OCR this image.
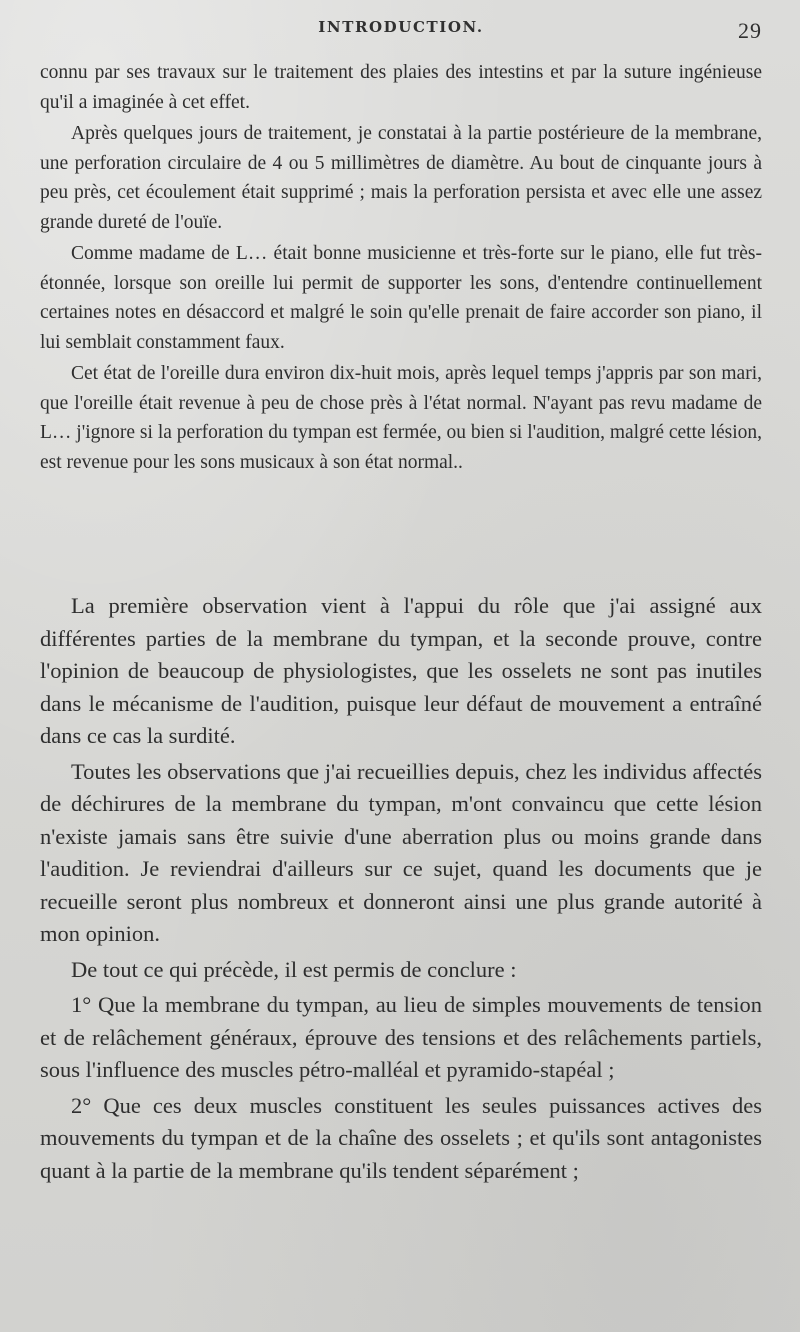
INTRODUCTION.	29

connu par ses travaux sur le traitement des plaies des intestins et par la suture ingénieuse qu'il a imaginée à cet effet.

Après quelques jours de traitement, je constatai à la partie postérieure de la membrane, une perforation circulaire de 4 ou 5 millimètres de diamètre. Au bout de cinquante jours à peu près, cet écoulement était supprimé ; mais la perforation persista et avec elle une assez grande dureté de l'ouïe.

Comme madame de L… était bonne musicienne et très-forte sur le piano, elle fut très-étonnée, lorsque son oreille lui permit de supporter les sons, d'entendre continuellement certaines notes en désaccord et malgré le soin qu'elle prenait de faire accorder son piano, il lui semblait constamment faux.

Cet état de l'oreille dura environ dix-huit mois, après lequel temps j'appris par son mari, que l'oreille était revenue à peu de chose près à l'état normal. N'ayant pas revu madame de L… j'ignore si la perforation du tympan est fermée, ou bien si l'audition, malgré cette lésion, est revenue pour les sons musicaux à son état normal..

La première observation vient à l'appui du rôle que j'ai assigné aux différentes parties de la membrane du tympan, et la seconde prouve, contre l'opinion de beaucoup de physiologistes, que les osselets ne sont pas inutiles dans le mécanisme de l'audition, puisque leur défaut de mouvement a entraîné dans ce cas la surdité.

Toutes les observations que j'ai recueillies depuis, chez les individus affectés de déchirures de la membrane du tympan, m'ont convaincu que cette lésion n'existe jamais sans être suivie d'une aberration plus ou moins grande dans l'audition. Je reviendrai d'ailleurs sur ce sujet, quand les documents que je recueille seront plus nombreux et donneront ainsi une plus grande autorité à mon opinion.

De tout ce qui précède, il est permis de conclure :

1° Que la membrane du tympan, au lieu de simples mouvements de tension et de relâchement généraux, éprouve des tensions et des relâchements partiels, sous l'influence des muscles pétro-malléal et pyramido-stapéal ;

2° Que ces deux muscles constituent les seules puissances actives des mouvements du tympan et de la chaîne des osselets ; et qu'ils sont antagonistes quant à la partie de la membrane qu'ils tendent séparément ;
